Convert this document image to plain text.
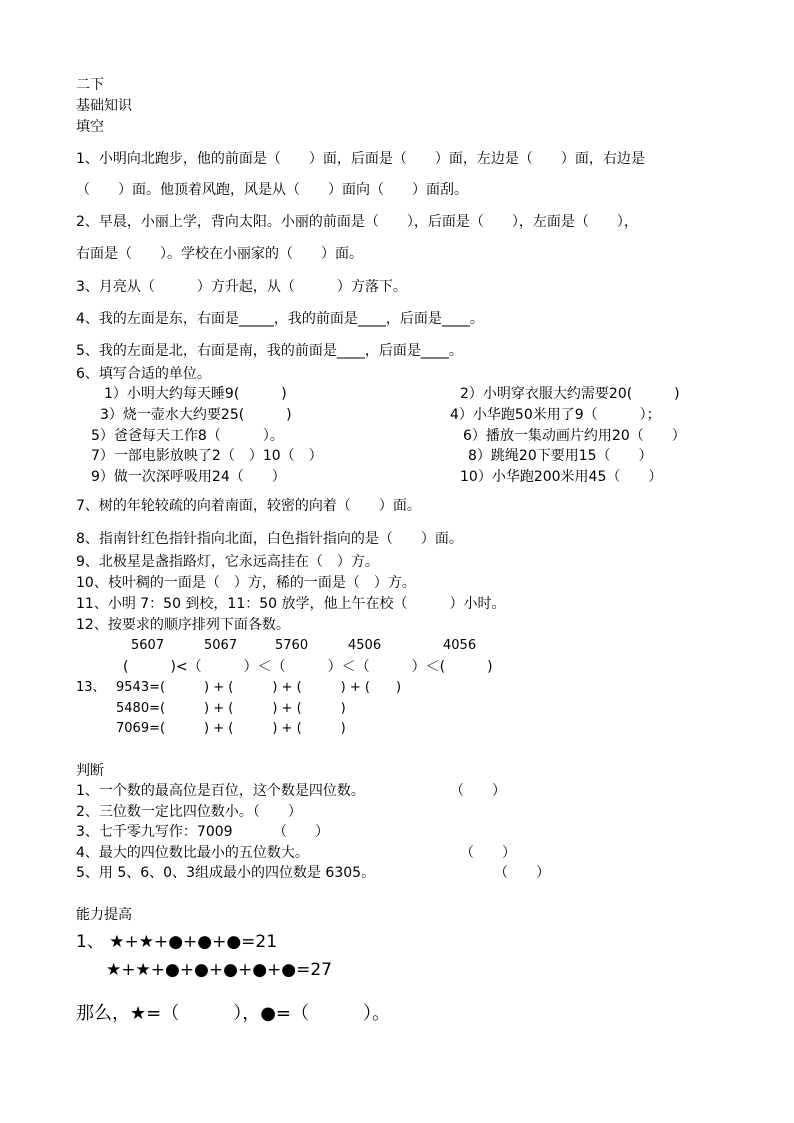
二下
基础知识
填空
1、小明向北跑步，他的前面是（　　）面，后面是（　　）面，左边是（　　）面，右边是
（　　）面。他顶着风跑，风是从（　　）面向（　　）面刮。
2、早晨，小丽上学，背向太阳。小丽的前面是（　　），后面是（　　），左面是（　　），
右面是（　　）。学校在小丽家的（　　）面。
3、月亮从（　　　）方升起，从（　　　）方落下。
4、我的左面是东，右面是_____，我的前面是____，后面是____。
5、我的左面是北，右面是南，我的前面是____，后面是____。
6、填写合适的单位。
1）小明大约每天睡9(　　　)	2）小明穿衣服大约需要20(　　　)
3）烧一壶水大约要25(　　　)	4）小华跑50米用了9（　　　）；
5）爸爸每天工作8（　　　）。	6）播放一集动画片约用20（　　）
7）一部电影放映了2（　）10（　）	8）跳绳20下要用15（　　）
9）做一次深呼吸用24（　　）	10）小华跑200米用45（　　）
7、树的年轮较疏的向着南面，较密的向着（　　）面。
8、指南针红色指针指向北面，白色指针指向的是（　　）面。
9、北极星是盏指路灯，它永远高挂在（　）方。
10、枝叶稠的一面是（　）方，稀的一面是（　）方。
11、小明 7：50 到校，11：50 放学，他上午在校（　　　）小时。
12、按要求的顺序排列下面各数。
5607	5067	5760	4506	4056
(　　　)<（　　　）＜（　　　）＜（　　　）＜(　　　)
13、 9543=(　　　) + (　　　) + (　　　) + (　　)
5480=(　　　) + (　　　) + (　　　)
7069=(　　　) + (　　　) + (　　　)
判断
1、一个数的最高位是百位，这个数是四位数。	（　　）
2、三位数一定比四位数小。（　　）
3、七千零九写作：7009	（　　）
4、最大的四位数比最小的五位数大。	（　　）
5、用 5、6、0、3组成最小的四位数是 6305。	（　　）
能力提高
1、 ★+★+●+●+●=21
★+★+●+●+●+●+●=27
那么，★=（　　　），●=（　　　）。
